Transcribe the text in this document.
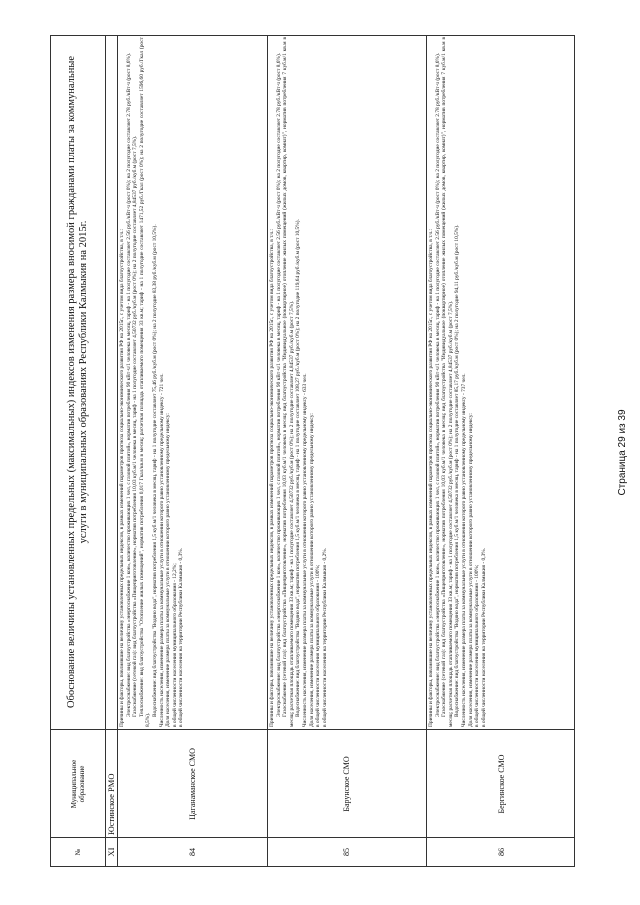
№
Муниципальное образование
Обоснование величины установленных предельных (максимальных) индексов изменения размера вносимой гражданами платы за коммунальные услуги в муниципальных образованиях Республики Калмыкия на 2015г.
XI
Юстинское РМО
84
Цаганаманское СМО

Причины и факторы, повлиявшие на величину установленных предельных индексов, в рамках изменений параметров прогноза социально-экономического развития РФ на 2015г., с учетом вида благоустройства, в т.ч.: Электроснабжение: вид благоустройства «энергоснабжение 1 кон», количество проживающих 1 чел, с газовой плитой», норматив потребления 90 кВт·ч/1 человека в месяц, тариф - на 1 полугодие составляет 2.56 руб./кВт·ч (рост 0%); на 2 полугодие составляет 2.78 руб./кВт·ч (рост 8,6%). Газоснабжение (сетевой газ): вид благоустройства «Пищеприготовление», норматив потребления 10,03 куб.м/1 человека в месяц, тариф - на 1 полугодие составляет 4,50732 руб./куб.м (рост 0%); на 2 полугодие составляет 4,84537 руб./куб.м (рост 7,5%). Теплоснабжение: вид благоустройства "Отопление жилых помещений", норматив потребления 0,017 Гкал/кв.м в месяц; расчетная площадь отапливаемого помещения 33 кв.м; тариф - на 1 полугодие составляет 1471,52 руб./Гкал (рост 0%); на 2 полугодие составляет 1596,60 руб./Гкал (рост 8,5%).

Водоснабжение: вид благоустройства "Водяно вода", норматив потребления 1,5 куб.м/1 человека в месяц, тариф - на 1 полугодие составляет 75,46 руб./куб.м (рост 0%); на 2 полугодие 83,38 руб./куб.м (рост 10,5%). Численность населения, изменение размера платы за коммунальные услуги в отношении которого равно установленному предельному индексу - 721 чел. Доля населения, изменение размера платы за коммунальные услуги в отношении которого равно установленному предельному индексу: в общей численности населения муниципального образования - 12,2%; в общей численности населения на территории Республики Калмыкия - 0,3%.

85
Барунское СМО

Причины и факторы, повлиявшие на величину установленных предельных индексов, в рамках изменений параметров прогноза социально-экономического развития РФ на 2015г., с учетом вида благоустройства, в т.ч.: Электроснабжение: вид благоустройства «энергоснабжение 1 кон», количество проживающих 1 чел, с газовой плитой», норматив потребления 90 кВт·ч/1 человека в месяц, тариф - на 1 полугодие составляет 2.56 руб./кВт·ч (рост 0%); на 2 полугодие составляет 2.78 руб./кВт·ч (рост 8,6%). Газоснабжение (сетевой газ): вид благоустройства «Пищеприготовление», норматив потребления 10,03 куб.м/1 человека в месяц; вид благоустройства "Индивидуальное (поквартирное) отопление жилых помещений (жилых домов, квартир, комнат)", норматив потребления 7 куб.м/1 кв.м в месяц; расчетная площадь отапливаемого помещения 33 кв.м; тариф - на 1 полугодие составляет 4,50732 руб./куб.м (рост 0%); на 2 полугодие составляет 4,84537 руб./куб.м (рост 7,5%). Водоснабжение: вид благоустройства "Водяно вода", норматив потребления 1,5 куб.м/1 человека в месяц, тариф - на 1 полугодие составляет 108,27 руб./куб.м (рост 0%); на 2 полугодие 119,64 руб./куб.м (рост 10,5%). Численность населения, изменение размера платы за коммунальные услуги в отношении которого равно установленному предельному индексу - 633 чел. Доля населения, изменение размера платы за коммунальные услуги в отношении которого равно установленному предельному индексу: в общей численности населения муниципального образования - 100%; в общей численности населения на территории Республики Калмыкия - 0,2%.

86
Бергинское СМО

Причины и факторы, повлиявшие на величину установленных предельных индексов, в рамках изменений параметров прогноза социально-экономического развития РФ на 2015г., с учетом вида благоустройства, в т.ч.: Электроснабжение: вид благоустройства «энергоснабжение 1 кон», количество проживающих 1 чел, с газовой плитой», норматив потребления 90 кВт·ч/1 человека в месяц, тариф - на 1 полугодие составляет 2.56 руб./кВт·ч (рост 0%); на 2 полугодие составляет 2.78 руб./кВт·ч (рост 8,6%). Газоснабжение (сетевой газ): вид благоустройства «Пищеприготовление», норматив потребления 10,03 куб.м/1 человека в месяц; вид благоустройства "Индивидуальное (поквартирное) отопление жилых помещений (жилых домов, квартир, комнат)", норматив потребления 7 куб.м/1 кв.м в месяц; расчетная площадь отапливаемого помещения 33 кв.м; тариф - на 1 полугодие составляет 4,50732 руб./куб.м (рост 0%); на 2 полугодие составляет 4,84537 руб./куб.м (рост 7,5%). Водоснабжение: вид благоустройства "Водяно вода", норматив потребления 1,5 куб.м/1 человека в месяц, тариф - на 1 полугодие составляет 85,17 руб./куб.м (рост 0%); на 2 полугодие 94,11 руб./куб.м (рост 10,5%). Численность населения, изменение размера платы за коммунальные услуги в отношении которого равно установленному предельному индексу - 737 чел. Доля населения, изменение размера платы за коммунальные услуги в отношении которого равно установленному предельному индексу: в общей численности населения муниципального образования - 100%; в общей численности населения на территории Республики Калмыкия - 0,3%.

Страница 29 из 39
